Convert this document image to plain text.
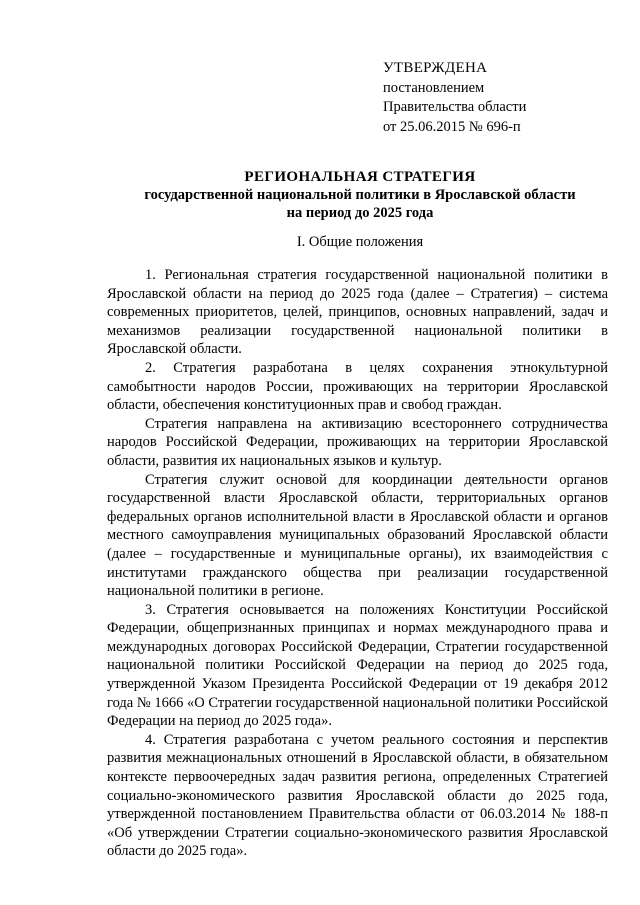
УТВЕРЖДЕНА
постановлением
Правительства области
от 25.06.2015 № 696-п
РЕГИОНАЛЬНАЯ СТРАТЕГИЯ
государственной национальной политики в Ярославской области
на период до 2025 года
I. Общие положения

1. Региональная стратегия государственной национальной политики в Ярославской области на период до 2025 года (далее – Стратегия) – система современных приоритетов, целей, принципов, основных направлений, задач и механизмов реализации государственной национальной политики в Ярославской области.

2. Стратегия разработана в целях сохранения этнокультурной самобытности народов России, проживающих на территории Ярославской области, обеспечения конституционных прав и свобод граждан.

Стратегия направлена на активизацию всестороннего сотрудничества народов Российской Федерации, проживающих на территории Ярославской области, развития их национальных языков и культур.

Стратегия служит основой для координации деятельности органов государственной власти Ярославской области, территориальных органов федеральных органов исполнительной власти в Ярославской области и органов местного самоуправления муниципальных образований Ярославской области (далее – государственные и муниципальные органы), их взаимодействия с институтами гражданского общества при реализации государственной национальной политики в регионе.

3. Стратегия основывается на положениях Конституции Российской Федерации, общепризнанных принципах и нормах международного права и международных договорах Российской Федерации, Стратегии государственной национальной политики Российской Федерации на период до 2025 года, утвержденной Указом Президента Российской Федерации от 19 декабря 2012 года № 1666 «О Стратегии государственной национальной политики Российской Федерации на период до 2025 года».

4. Стратегия разработана с учетом реального состояния и перспектив развития межнациональных отношений в Ярославской области, в обязательном контексте первоочередных задач развития региона, определенных Стратегией социально-экономического развития Ярославской области до 2025 года, утвержденной постановлением Правительства области от 06.03.2014 № 188-п «Об утверждении Стратегии социально-экономического развития Ярославской области до 2025 года».
